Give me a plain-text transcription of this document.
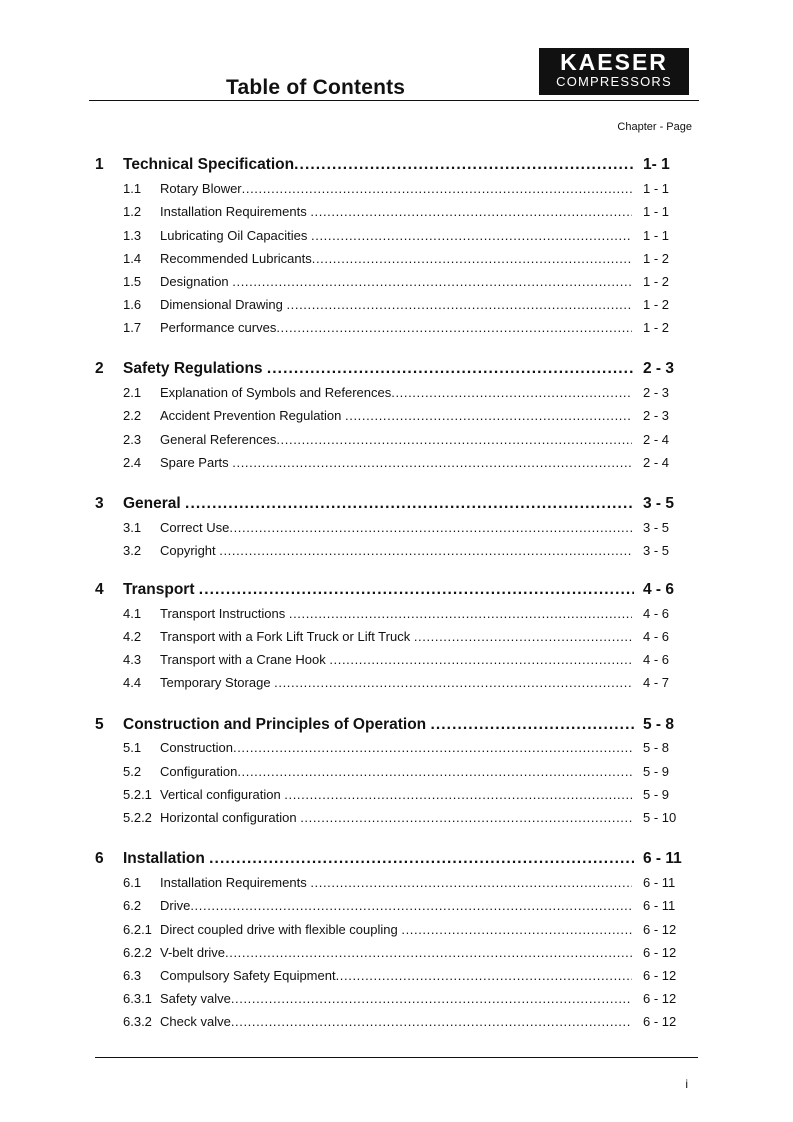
Table of Contents
KAESER
COMPRESSORS
Chapter - Page
1 Technical Specification .....	1- 1
1.1 Rotary Blower .....	1 - 1
1.2 Installation Requirements .....	1 - 1
1.3 Lubricating Oil Capacities .....	1 - 1
1.4 Recommended Lubricants .....	1 - 2
1.5 Designation .....	1 - 2
1.6 Dimensional Drawing .....	1 - 2
1.7 Performance curves .....	1 - 2
2 Safety Regulations .....	2 - 3
2.1 Explanation of Symbols and References .....	2 - 3
2.2 Accident Prevention Regulation .....	2 - 3
2.3 General References .....	2 - 4
2.4 Spare Parts .....	2 - 4
3 General .....	3 - 5
3.1 Correct Use .....	3 - 5
3.2 Copyright .....	3 - 5
4 Transport .....	4 - 6
4.1 Transport Instructions .....	4 - 6
4.2 Transport with a Fork Lift Truck or Lift Truck .....	4 - 6
4.3 Transport with a Crane Hook .....	4 - 6
4.4 Temporary Storage .....	4 - 7
5 Construction and Principles of Operation .....	5 - 8
5.1 Construction .....	5 - 8
5.2 Configuration .....	5 - 9
5.2.1 Vertical configuration .....	5 - 9
5.2.2 Horizontal configuration .....	5 - 10
6 Installation .....	6 - 11
6.1 Installation Requirements .....	6 - 11
6.2 Drive .....	6 - 11
6.2.1 Direct coupled drive with flexible coupling .....	6 - 12
6.2.2 V-belt drive .....	6 - 12
6.3 Compulsory Safety Equipment .....	6 - 12
6.3.1 Safety valve .....	6 - 12
6.3.2 Check valve .....	6 - 12
i
